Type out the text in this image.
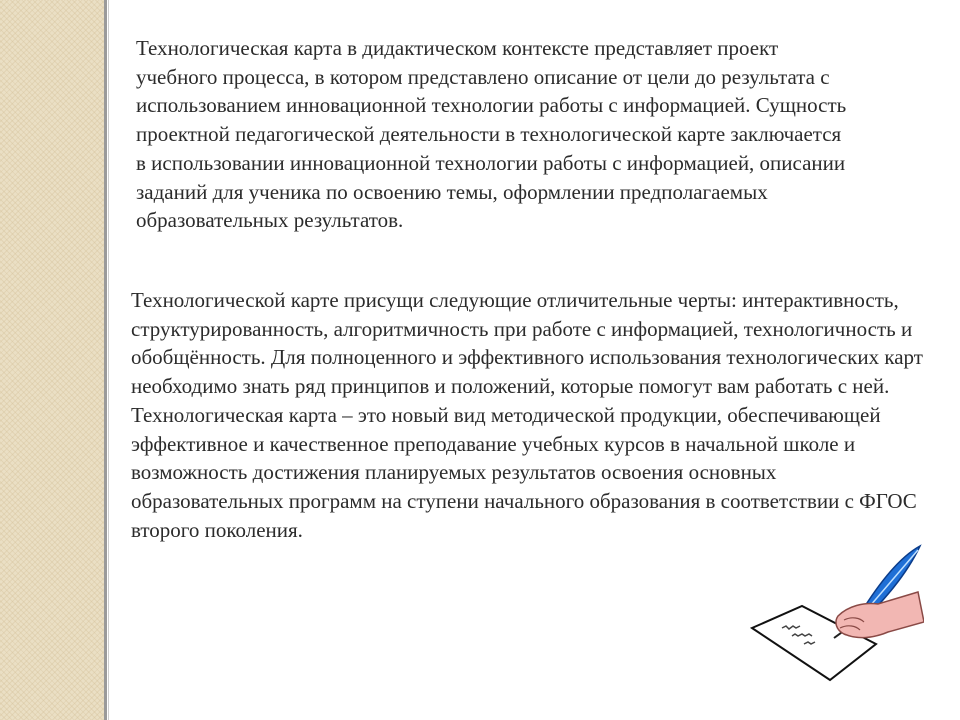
Технологическая карта в дидактическом контексте представляет проект учебного процесса, в котором представлено описание от цели до результата с использованием инновационной технологии работы с информацией. Сущность проектной педагогической деятельности в технологической карте заключается в использовании инновационной технологии работы с информацией, описании заданий для ученика по освоению темы, оформлении предполагаемых образовательных результатов.

Технологической карте присущи следующие отличительные черты: интерактивность, структурированность, алгоритмичность при работе с информацией, технологичность и обобщённость. Для полноценного и эффективного использования технологических карт необходимо знать ряд принципов и положений, которые помогут вам работать с ней. Технологическая карта – это новый вид методической продукции, обеспечивающей эффективное и качественное преподавание учебных курсов в начальной школе и возможность достижения планируемых результатов освоения основных образовательных программ на ступени начального образования в соответствии с ФГОС второго поколения.
